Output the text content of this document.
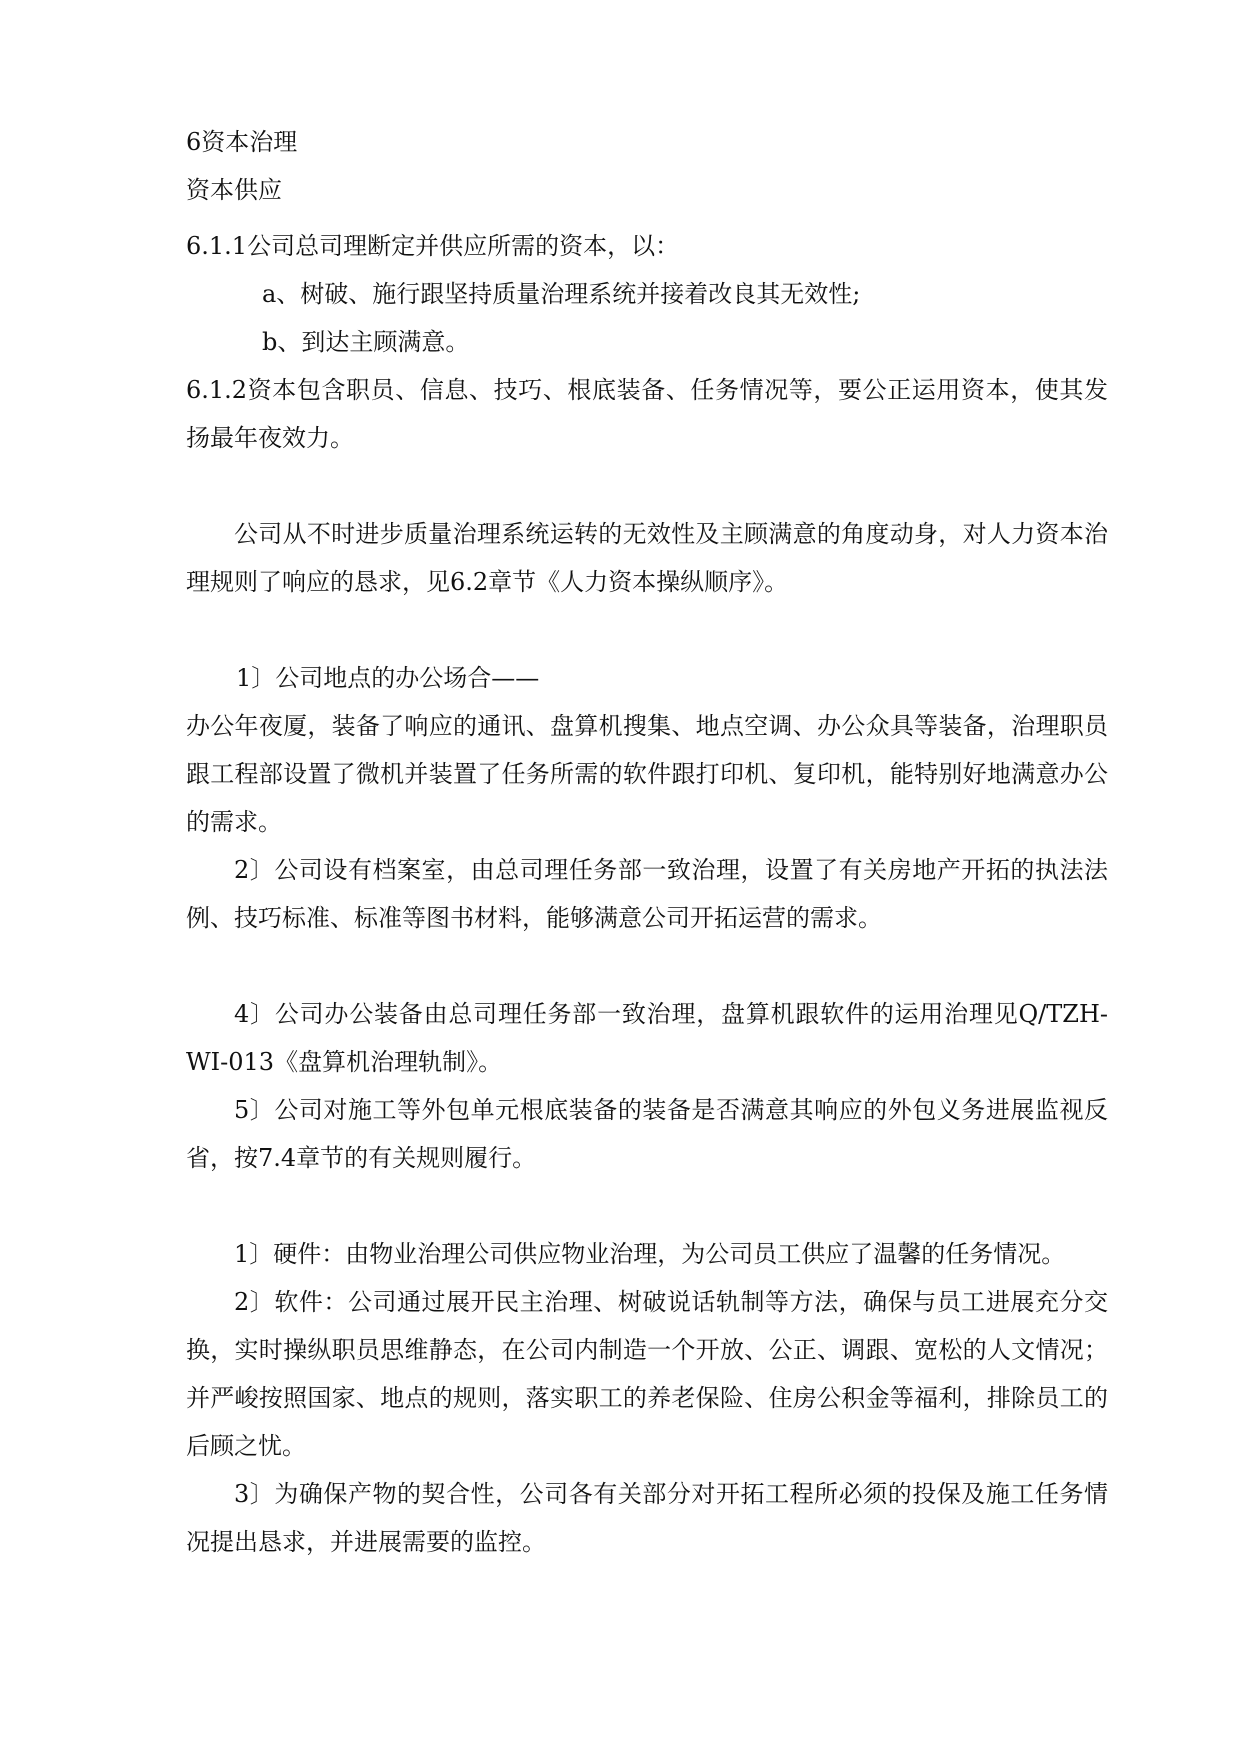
6资本治理

资本供应

6.1.1公司总司理断定并供应所需的资本，以：

a、树破、施行跟坚持质量治理系统并接着改良其无效性;

b、到达主顾满意。

6.1.2资本包含职员、信息、技巧、根底装备、任务情况等，要公正运用资本，使其发扬最年夜效力。

公司从不时进步质量治理系统运转的无效性及主顾满意的角度动身，对人力资本治理规则了响应的恳求，见6.2章节《人力资本操纵顺序》。

1〕公司地点的办公场合——

办公年夜厦，装备了响应的通讯、盘算机搜集、地点空调、办公众具等装备，治理职员跟工程部设置了微机并装置了任务所需的软件跟打印机、复印机，能特别好地满意办公的需求。

2〕公司设有档案室，由总司理任务部一致治理，设置了有关房地产开拓的执法法例、技巧标准、标准等图书材料，能够满意公司开拓运营的需求。

4〕公司办公装备由总司理任务部一致治理，盘算机跟软件的运用治理见Q/TZH-WI-013《盘算机治理轨制》。

5〕公司对施工等外包单元根底装备的装备是否满意其响应的外包义务进展监视反省，按7.4章节的有关规则履行。

1〕硬件：由物业治理公司供应物业治理，为公司员工供应了温馨的任务情况。

2〕软件：公司通过展开民主治理、树破说话轨制等方法，确保与员工进展充分交换，实时操纵职员思维静态，在公司内制造一个开放、公正、调跟、宽松的人文情况；并严峻按照国家、地点的规则，落实职工的养老保险、住房公积金等福利，排除员工的后顾之忧。

3〕为确保产物的契合性，公司各有关部分对开拓工程所必须的投保及施工任务情况提出恳求，并进展需要的监控。
